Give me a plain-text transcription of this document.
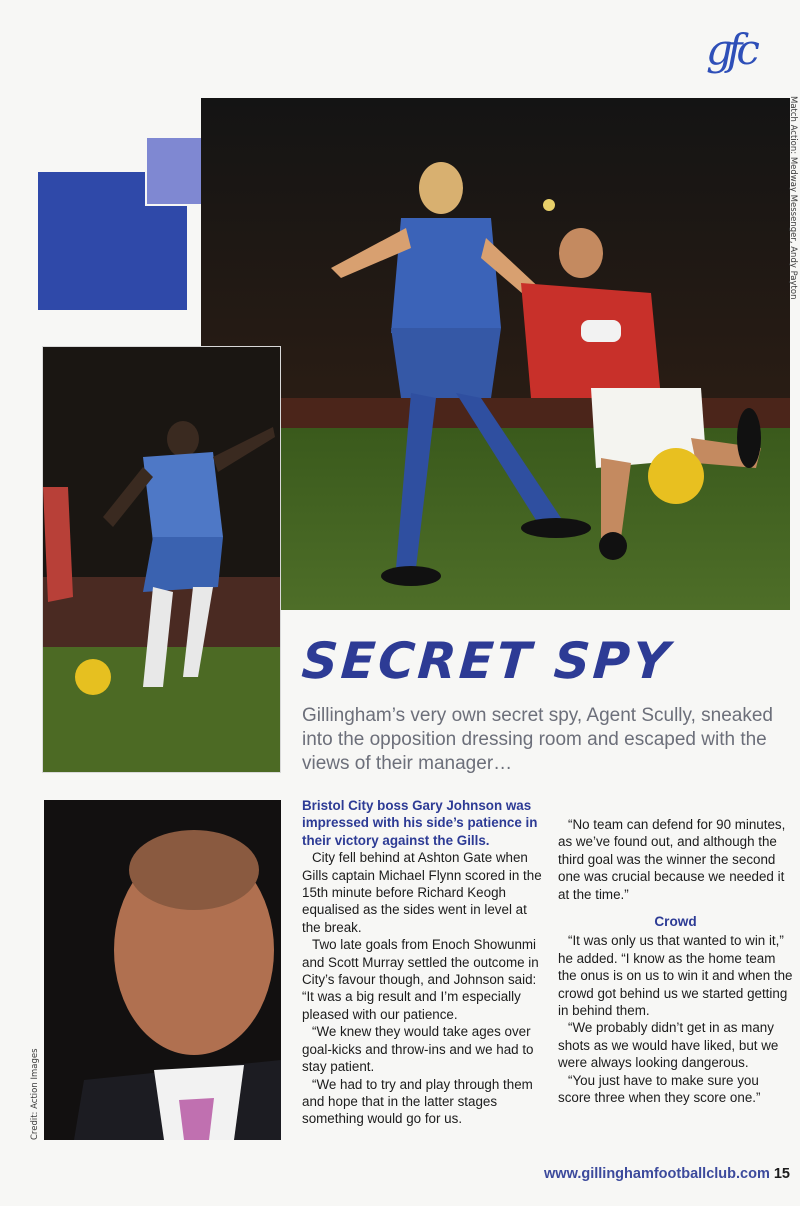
gfc
Match Action: Medway Messenger, Andy Payton
SECRET SPY
Gillingham’s very own secret spy, Agent Scully, sneaked into the opposition dressing room and escaped with the views of their manager…
Credit: Action Images

Bristol City boss Gary Johnson was impressed with his side’s patience in their victory against the Gills.

City fell behind at Ashton Gate when Gills captain Michael Flynn scored in the 15th minute before Richard Keogh equalised as the sides went in level at the break.

Two late goals from Enoch Showunmi and Scott Murray settled the outcome in City’s favour though, and Johnson said: “It was a big result and I’m especially pleased with our patience.

“We knew they would take ages over goal-kicks and throw-ins and we had to stay patient.

“We had to try and play through them and hope that in the latter stages something would go for us.

“No team can defend for 90 minutes, as we’ve found out, and although the third goal was the winner the second one was crucial because we needed it at the time.”

Crowd

“It was only us that wanted to win it,” he added. “I know as the home team the onus is on us to win it and when the crowd got behind us we started getting in behind them.

“We probably didn’t get in as many shots as we would have liked, but we were always looking dangerous.

“You just have to make sure you score three when they score one.”

www.gillinghamfootballclub.com 15
